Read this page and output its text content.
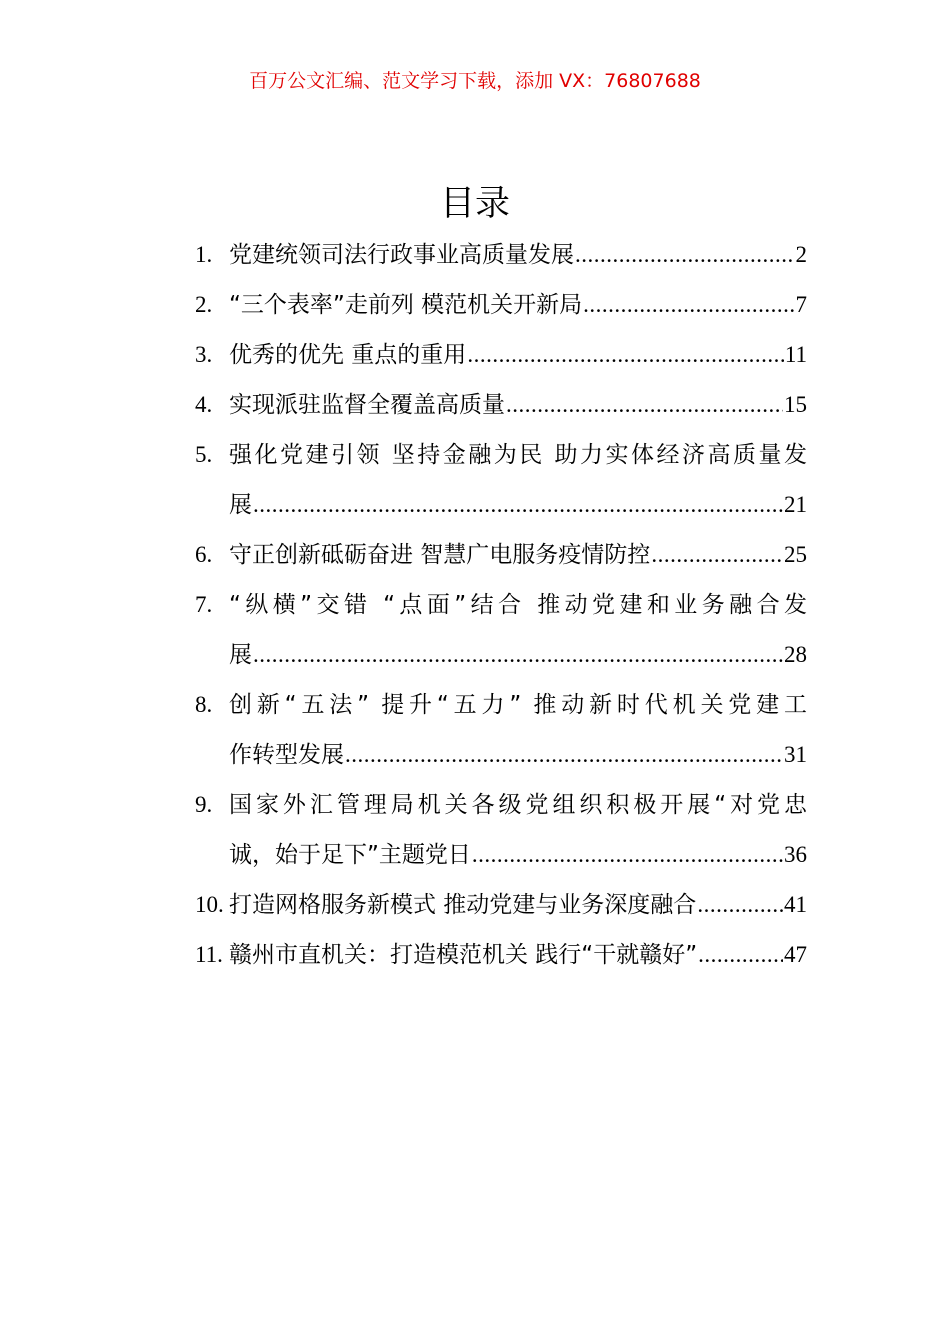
百万公文汇编、范文学习下载，添加 VX：76807688
目录
1. 党建统领司法行政事业高质量发展 .....	2
2. “三个表率”走前列 模范机关开新局 .....	7
3. 优秀的优先 重点的重用 .....	11
4. 实现派驻监督全覆盖高质量 .....	15
5. 强化党建引领 坚持金融为民 助力实体经济高质量发
展 .....	21
6. 守正创新砥砺奋进 智慧广电服务疫情防控 .....	25
7. “纵横”交错 “点面”结合 推动党建和业务融合发
展 .....	28
8. 创新“五法” 提升“五力” 推动新时代机关党建工
作转型发展 .....	31
9. 国家外汇管理局机关各级党组织积极开展“对党忠
诚，始于足下”主题党日 .....	36
10. 打造网格服务新模式 推动党建与业务深度融合 .....	41
11. 赣州市直机关：打造模范机关 践行“干就赣好” .....	47
